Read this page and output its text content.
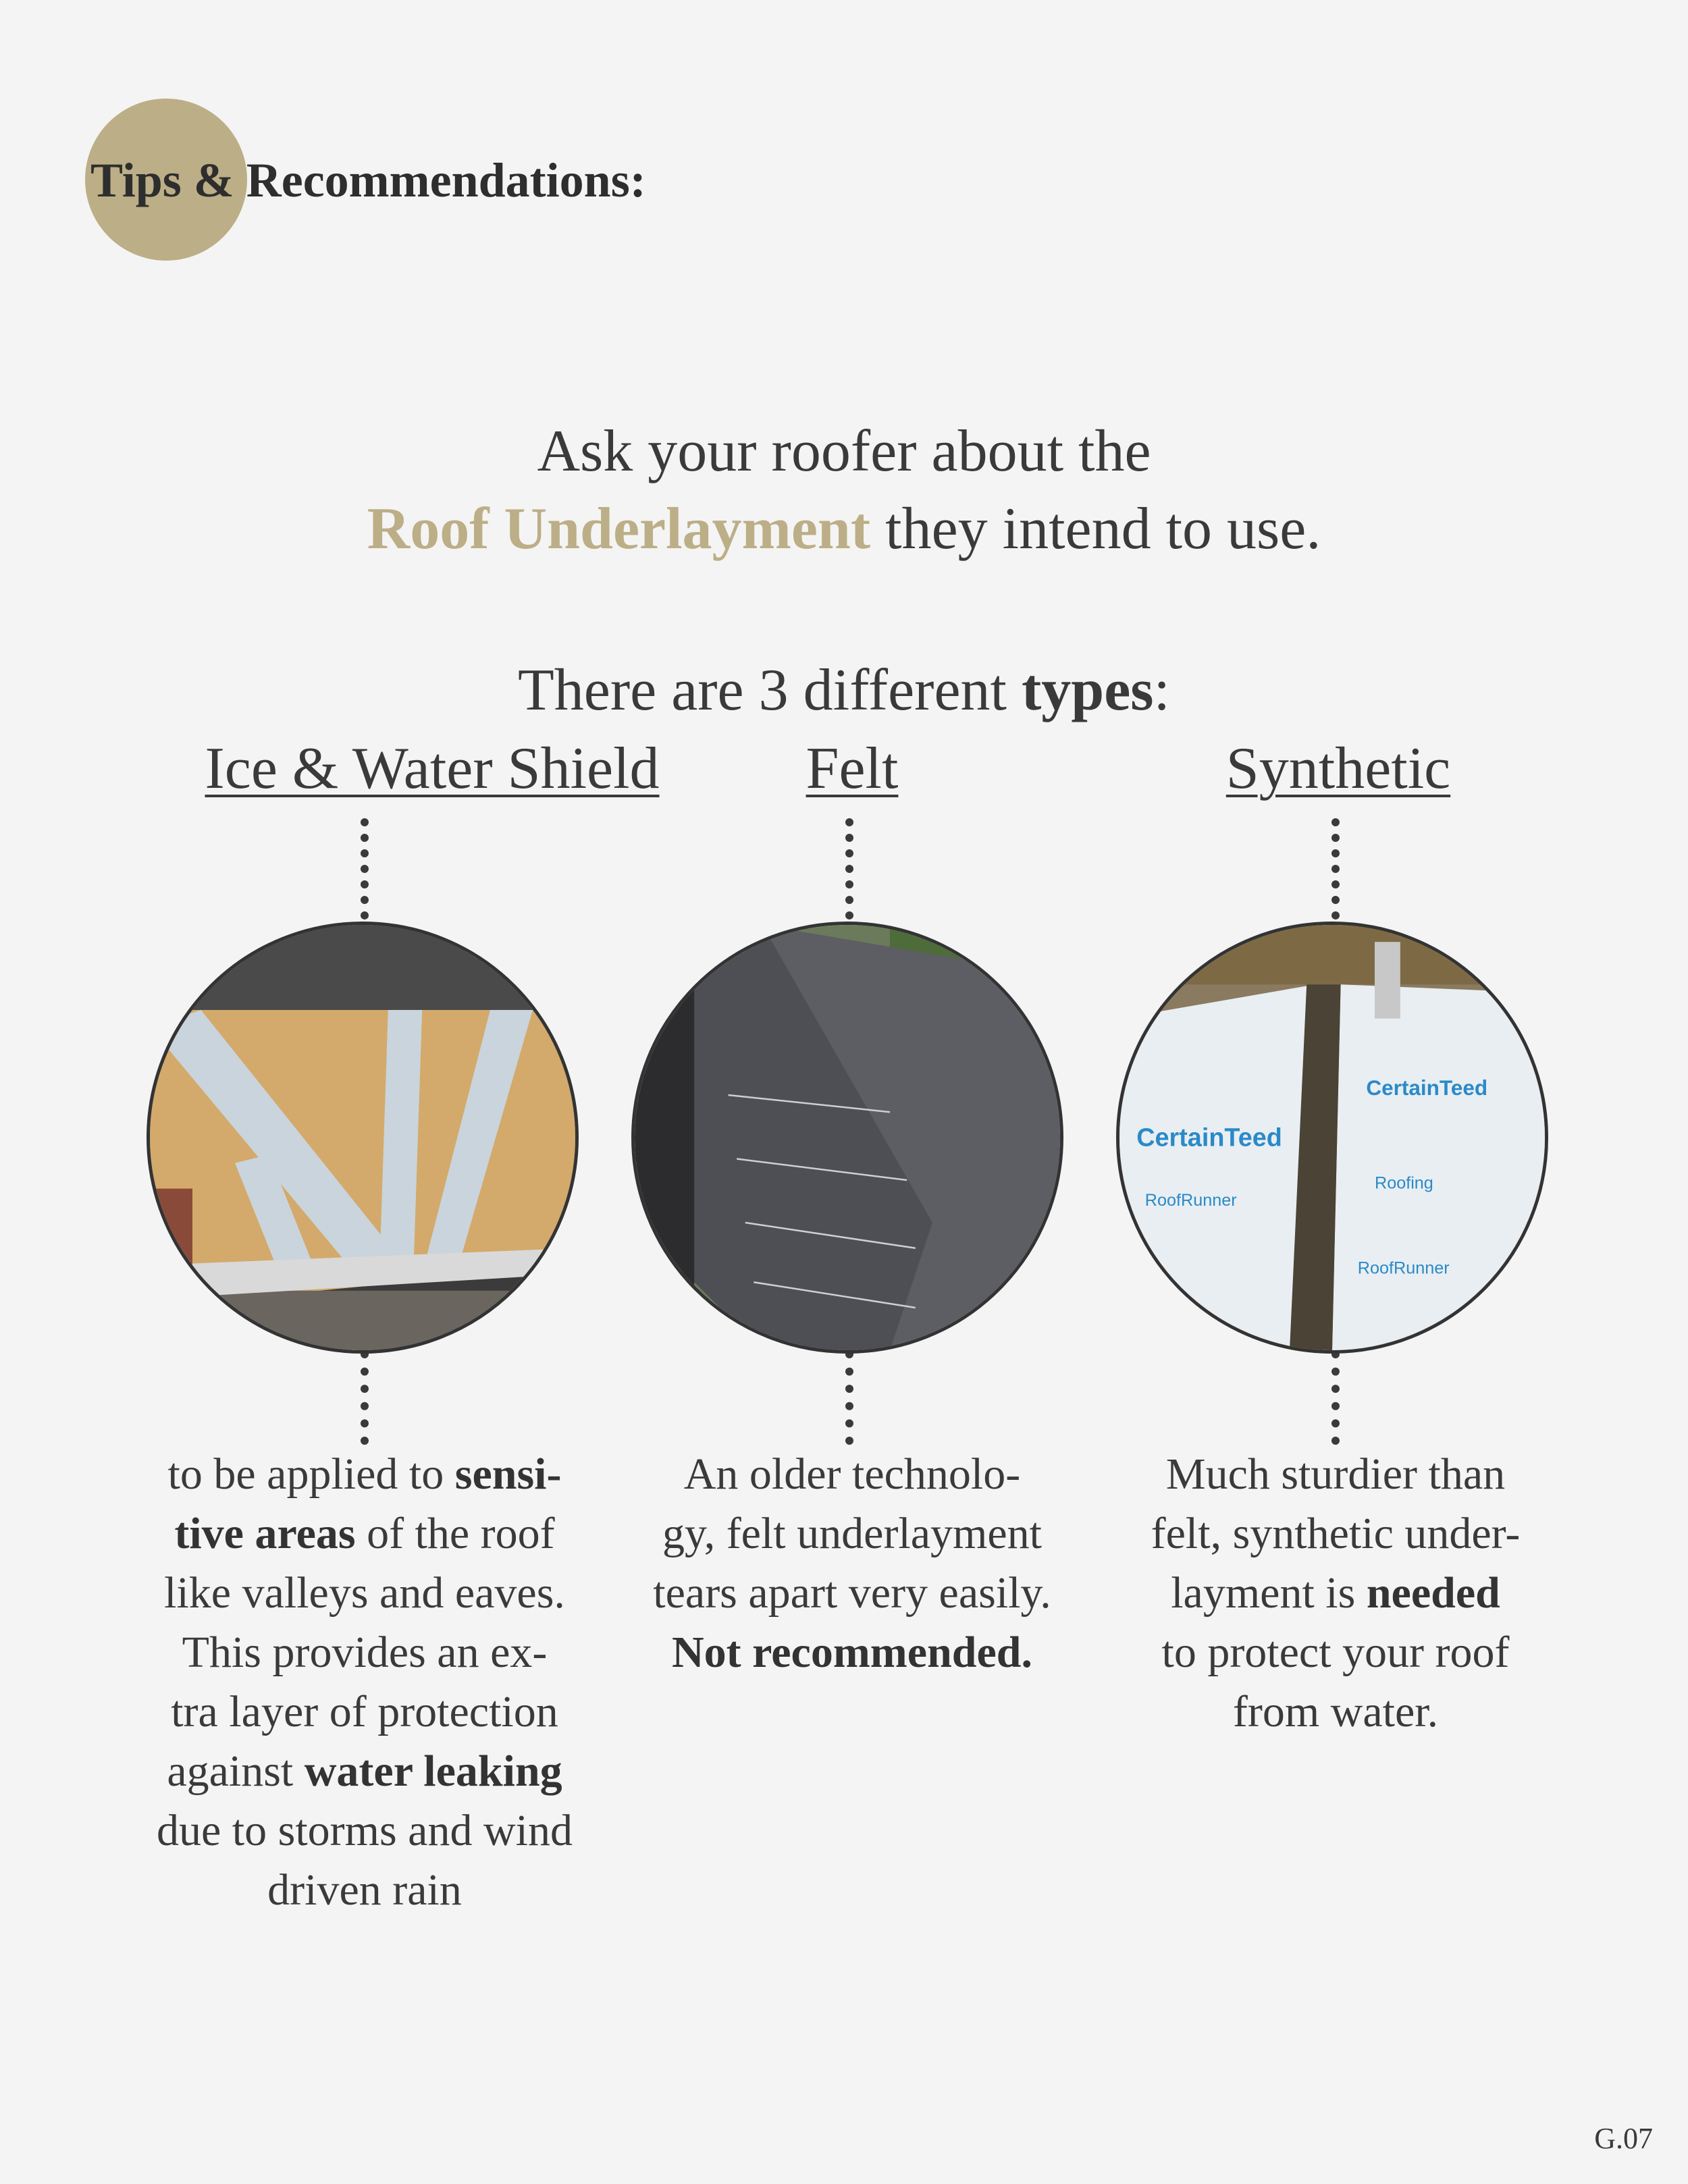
Tips & Recommendations:
Ask your roofer about the
Roof Underlayment they intend to use.
There are 3 different types:
Ice & Water Shield Felt	Synthetic
CertainTeed
CertainTeed
RoofRunner
Roofing
RoofRunner
to be applied to sensi-
tive areas of the roof
like valleys and eaves.
This provides an ex-
tra layer of protection
against water leaking
due to storms and wind
driven rain
An older technolo-
gy, felt underlayment
tears apart very easily.
Not recommended.
Much sturdier than
felt, synthetic under-
layment is needed
to protect your roof
from water.
G.07
